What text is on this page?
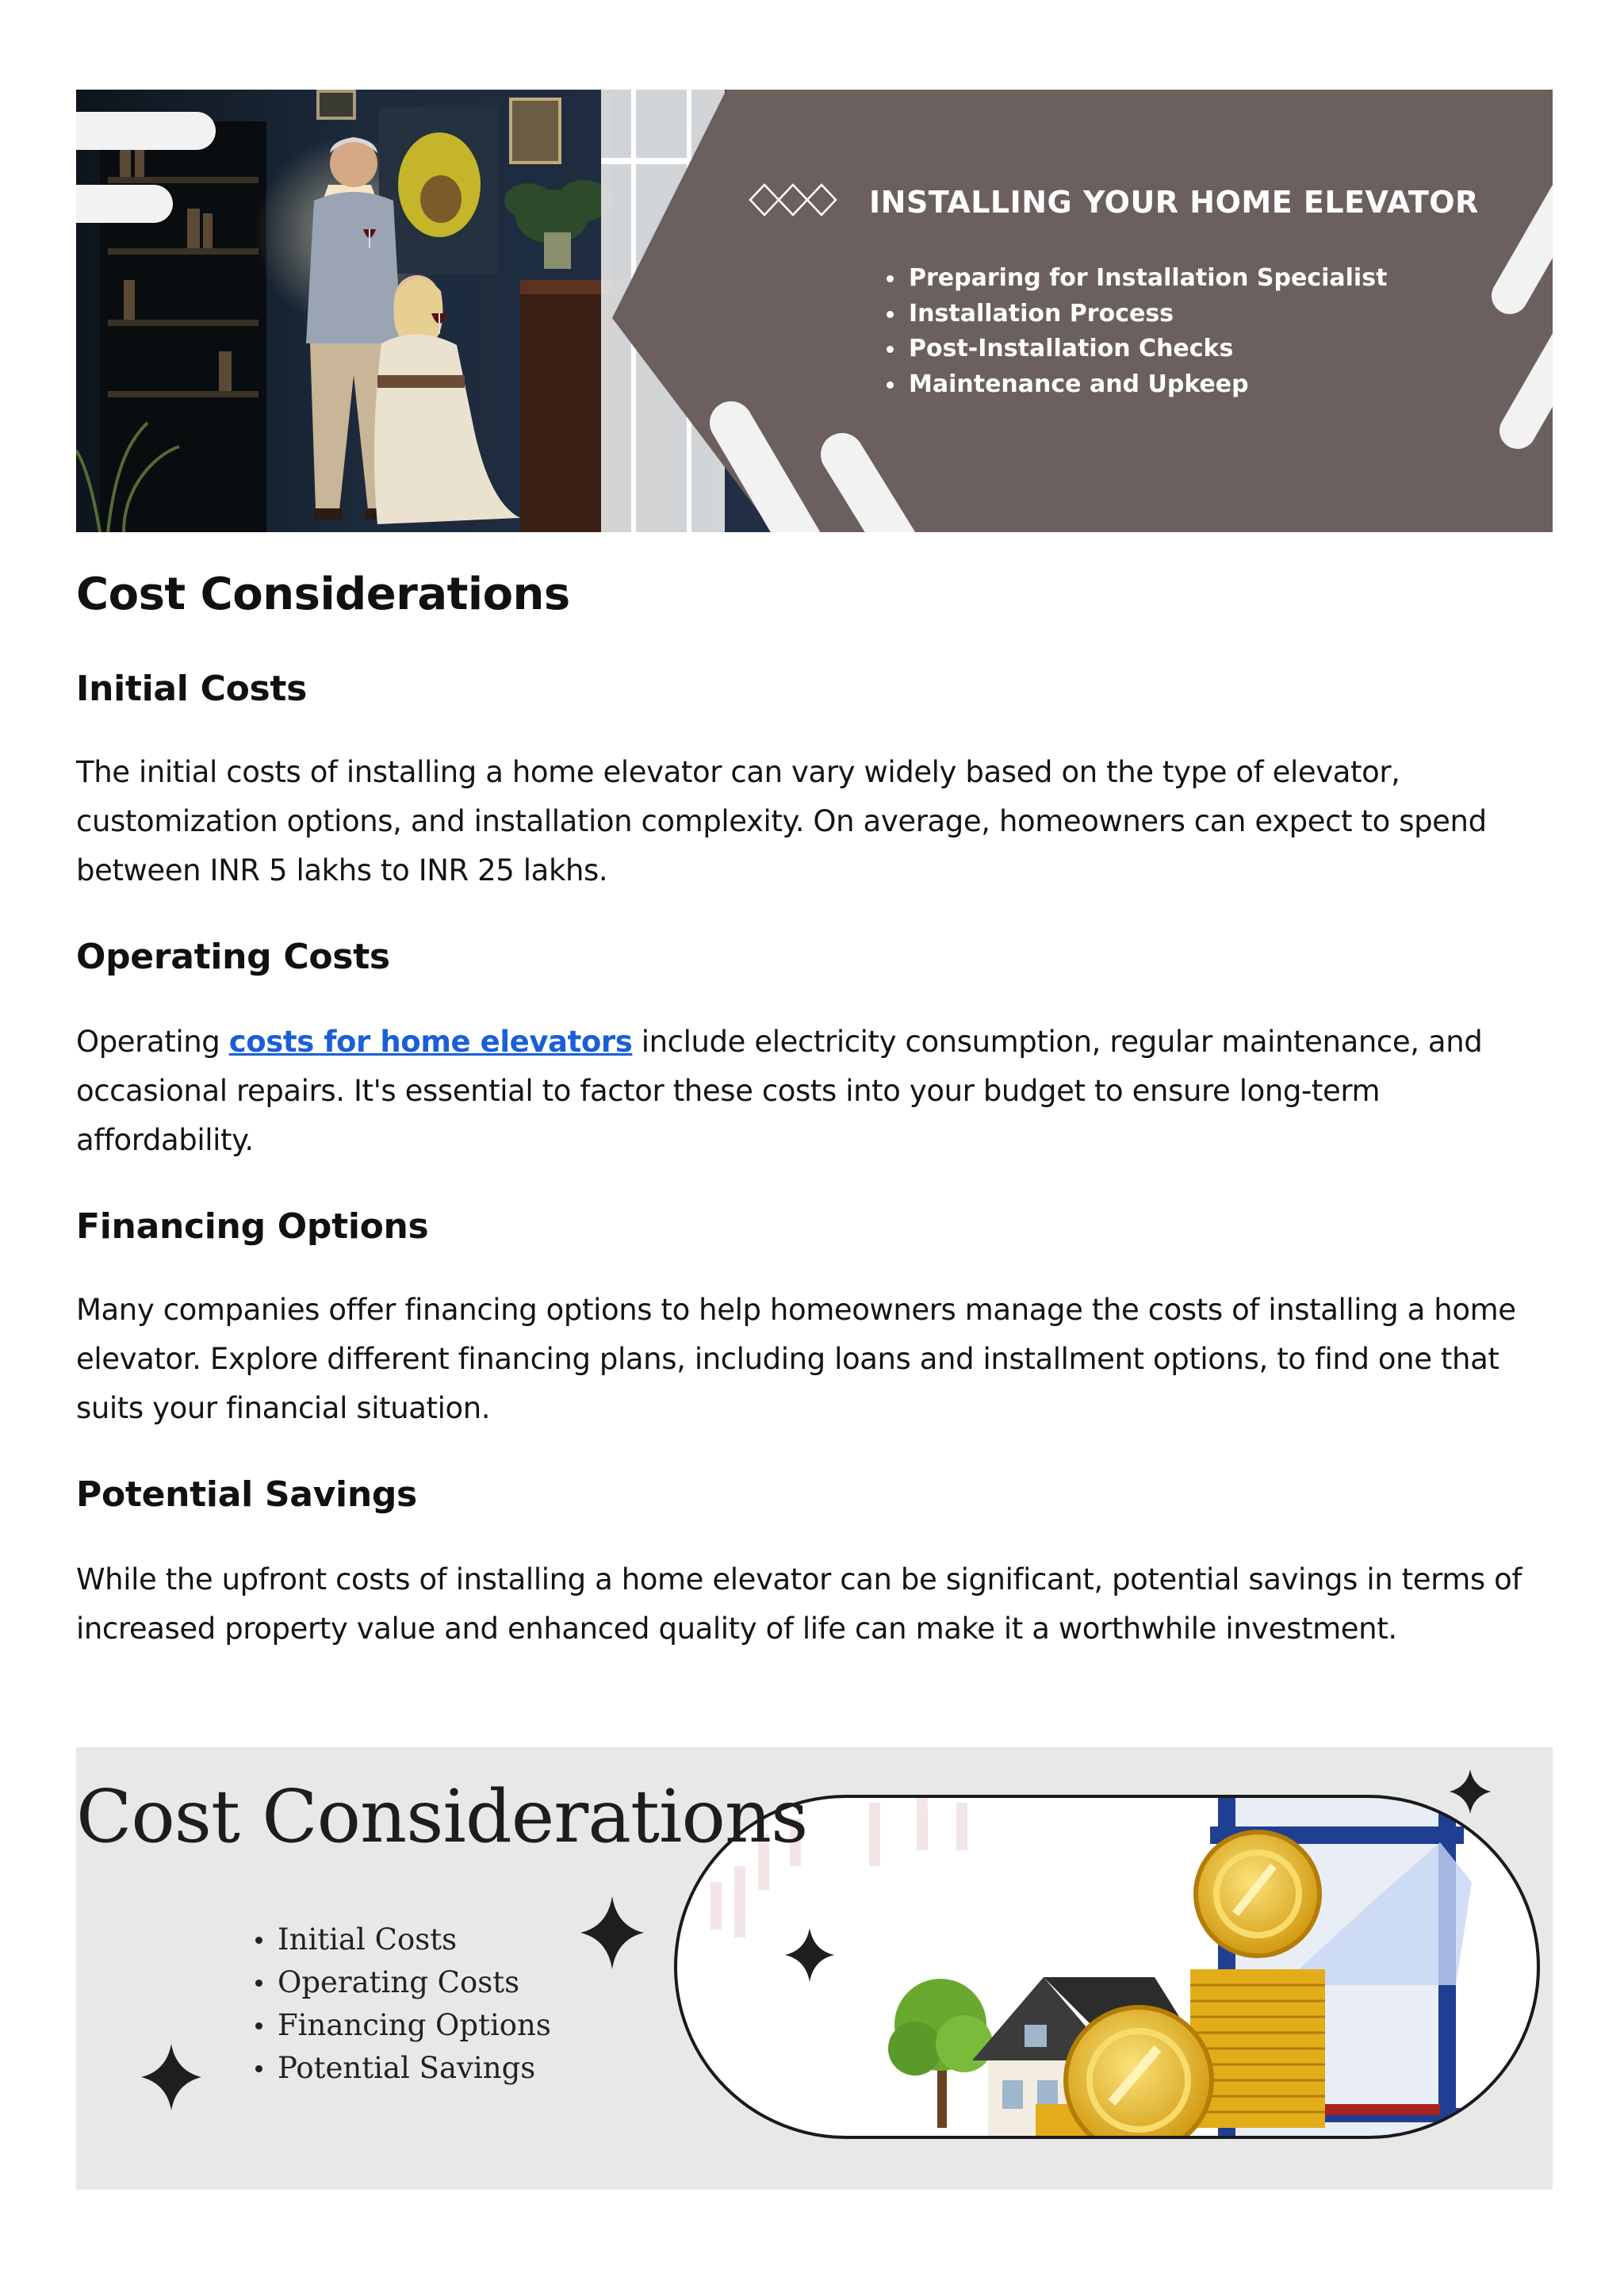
INSTALLING YOUR HOME ELEVATOR
Preparing for Installation Specialist
Installation Process
Post-Installation Checks
Maintenance and Upkeep
Cost Considerations
Initial Costs

The initial costs of installing a home elevator can vary widely based on the type of elevator, customization options, and installation complexity. On average, homeowners can expect to spend between INR 5 lakhs to INR 25 lakhs.

Operating Costs

Operating costs for home elevators include electricity consumption, regular maintenance, and occasional repairs. It's essential to factor these costs into your budget to ensure long-term affordability.

Financing Options

Many companies offer financing options to help homeowners manage the costs of installing a home elevator. Explore different financing plans, including loans and installment options, to find one that suits your financial situation.

Potential Savings

While the upfront costs of installing a home elevator can be significant, potential savings in terms of increased property value and enhanced quality of life can make it a worthwhile investment.

Cost Considerations
Initial Costs
Operating Costs
Financing Options
Potential Savings
